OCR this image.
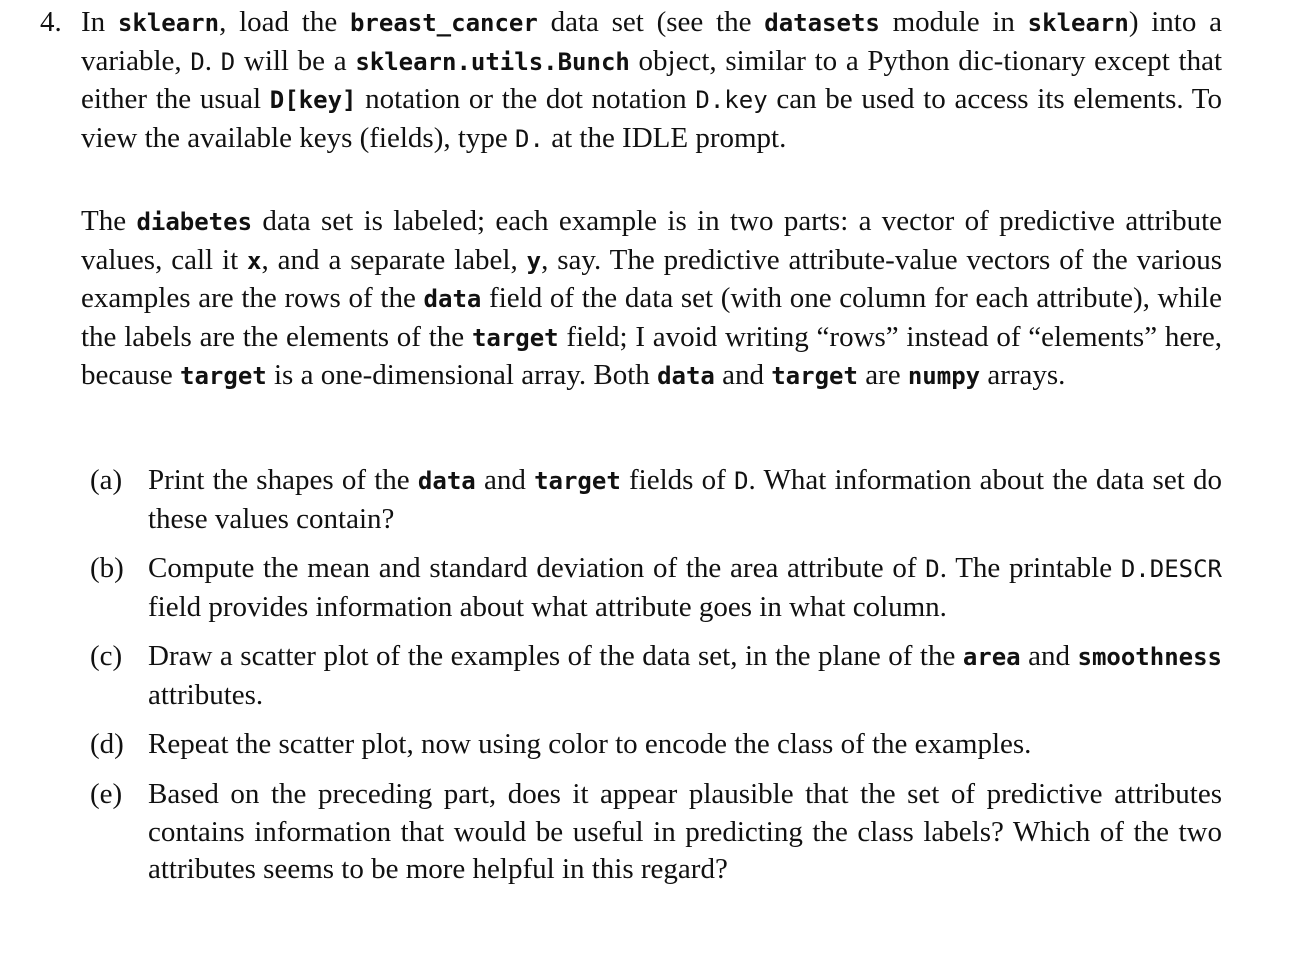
4. In sklearn, load the breast_cancer data set (see the datasets module in sklearn) into a variable, D. D will be a sklearn.utils.Bunch object, similar to a Python dic-tionary except that either the usual D[key] notation or the dot notation D.key can be used to access its elements. To view the available keys (fields), type D. at the IDLE prompt.
The diabetes data set is labeled; each example is in two parts: a vector of predictive attribute values, call it x, and a separate label, y, say. The predictive attribute-value vectors of the various examples are the rows of the data field of the data set (with one column for each attribute), while the labels are the elements of the target field; I avoid writing “rows” instead of “elements” here, because target is a one-dimensional array. Both data and target are numpy arrays.
(a) Print the shapes of the data and target fields of D. What information about the data set do these values contain?
(b) Compute the mean and standard deviation of the area attribute of D. The printable D.DESCR field provides information about what attribute goes in what column.
(c) Draw a scatter plot of the examples of the data set, in the plane of the area and smoothness attributes.
(d) Repeat the scatter plot, now using color to encode the class of the examples.
(e) Based on the preceding part, does it appear plausible that the set of predictive attributes contains information that would be useful in predicting the class labels? Which of the two attributes seems to be more helpful in this regard?
